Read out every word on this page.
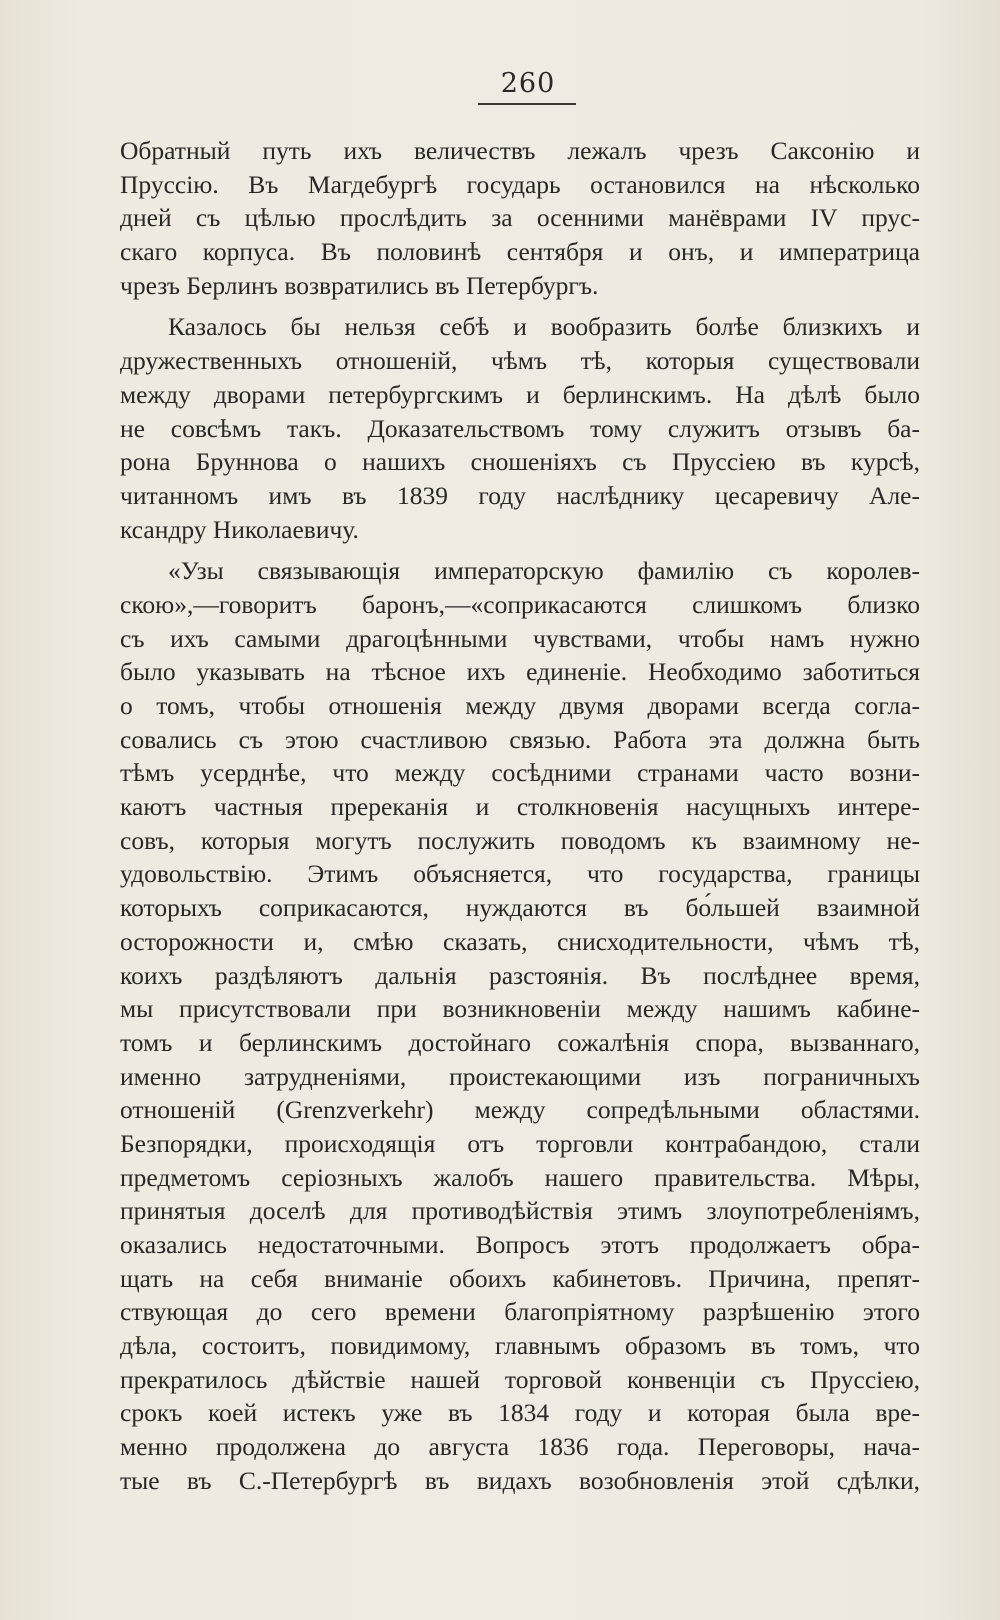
260
Обратный путь ихъ величествъ лежалъ чрезъ Саксонію и
Пруссію. Въ Магдебургѣ государь остановился на нѣсколько
дней съ цѣлью прослѣдить за осенними манёврами IV прус-
скаго корпуса. Въ половинѣ сентября и онъ, и императрица
чрезъ Берлинъ возвратились въ Петербургъ.
Казалось бы нельзя себѣ и вообразить болѣе близкихъ и
дружественныхъ отношеній, чѣмъ тѣ, которыя существовали
между дворами петербургскимъ и берлинскимъ. На дѣлѣ было
не совсѣмъ такъ. Доказательствомъ тому служитъ отзывъ ба-
рона Бруннова о нашихъ сношеніяхъ съ Пруссіею въ курсѣ,
читанномъ имъ въ 1839 году наслѣднику цесаревичу Але-
ксандру Николаевичу.
«Узы связывающія императорскую фамилію съ королев-
скою»,—говоритъ баронъ,—«соприкасаются слишкомъ близко
съ ихъ самыми драгоцѣнными чувствами, чтобы намъ нужно
было указывать на тѣсное ихъ единеніе. Необходимо заботиться
о томъ, чтобы отношенія между двумя дворами всегда согла-
совались съ этою счастливою связью. Работа эта должна быть
тѣмъ усерднѣе, что между сосѣдними странами часто возни-
каютъ частныя пререканія и столкновенія насущныхъ интере-
совъ, которыя могутъ послужить поводомъ къ взаимному не-
удовольствію. Этимъ объясняется, что государства, границы
которыхъ соприкасаются, нуждаются въ бо́льшей взаимной
осторожности и, смѣю сказать, снисходительности, чѣмъ тѣ,
коихъ раздѣляютъ дальнія разстоянія. Въ послѣднее время,
мы присутствовали при возникновеніи между нашимъ кабине-
томъ и берлинскимъ достойнаго сожалѣнія спора, вызваннаго,
именно затрудненіями, проистекающими изъ пограничныхъ
отношеній (Grenzverkehr) между сопредѣльными областями.
Безпорядки, происходящія отъ торговли контрабандою, стали
предметомъ серіозныхъ жалобъ нашего правительства. Мѣры,
принятыя доселѣ для противодѣйствія этимъ злоупотребленіямъ,
оказались недостаточными. Вопросъ этотъ продолжаетъ обра-
щать на себя вниманіе обоихъ кабинетовъ. Причина, препят-
ствующая до сего времени благопріятному разрѣшенію этого
дѣла, состоитъ, повидимому, главнымъ образомъ въ томъ, что
прекратилось дѣйствіе нашей торговой конвенціи съ Пруссіею,
срокъ коей истекъ уже въ 1834 году и которая была вре-
менно продолжена до августа 1836 года. Переговоры, нача-
тые въ С.-Петербургѣ въ видахъ возобновленія этой сдѣлки,
